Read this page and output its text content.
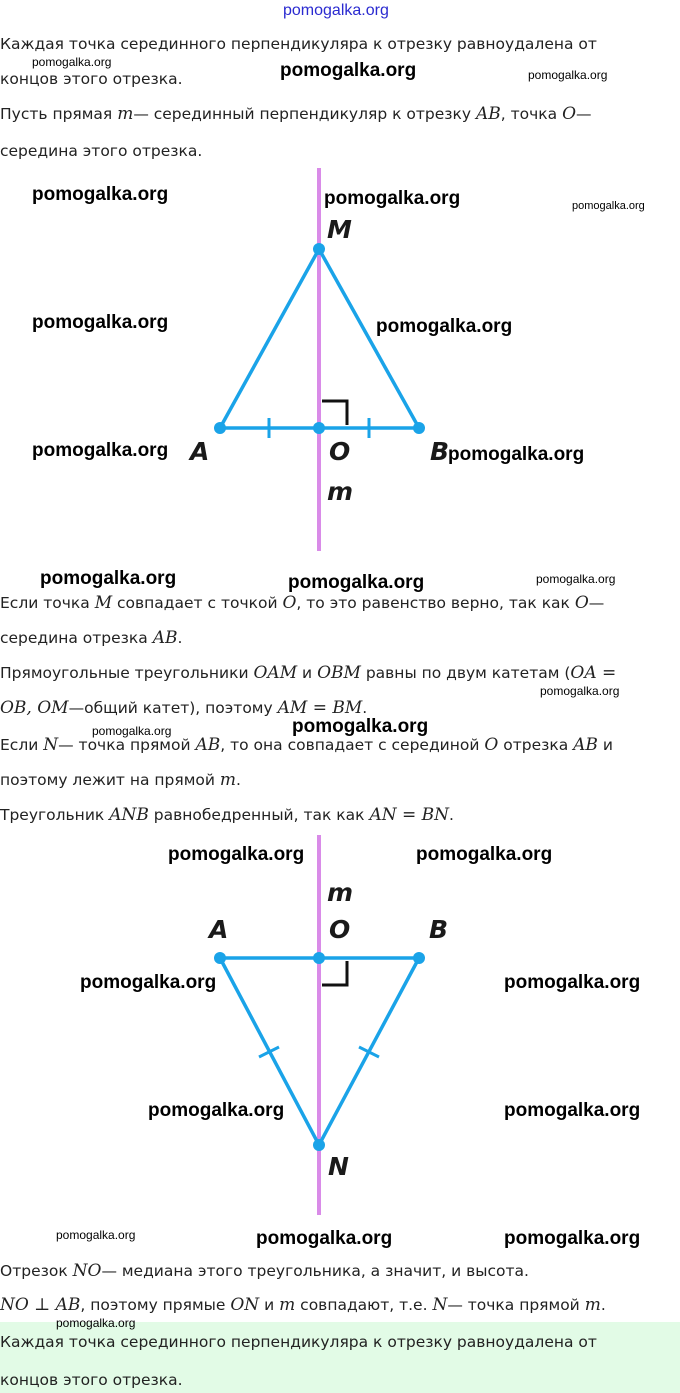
pomogalka.org
Каждая точка серединного перпендикуляра к отрезку равноудалена от
концов этого отрезка.
Пусть прямая m— серединный перпендикуляр к отрезку AB, точка O—
середина этого отрезка.
M
A	O	B
m
Если точка M совпадает с точкой O, то это равенство верно, так как O—
середина отрезка AB.
Прямоугольные треугольники OAM и OBM равны по двум катетам (OA =
OB, OM—общий катет), поэтому AM = BM.
Если N— точка прямой AB, то она совпадает с серединой O отрезка AB и
поэтому лежит на прямой m.
Треугольник ANB равнобедренный, так как AN = BN.
m
A	O	B
N
Отрезок NO— медиана этого треугольника, а значит, и высота.
NO ⊥ AB, поэтому прямые ON и m совпадают, т.е. N— точка прямой m.
Каждая точка серединного перпендикуляра к отрезку равноудалена от
концов этого отрезка.
pomogalka.org	pomogalka.org	pomogalka.org
pomogalka.org	pomogalka.org	pomogalka.org
pomogalka.org	pomogalka.org
pomogalka.org	pomogalka.org
pomogalka.org	pomogalka.org	pomogalka.org
pomogalka.org
pomogalka.org
pomogalka.org
pomogalka.org	pomogalka.org
pomogalka.org	pomogalka.org
pomogalka.org	pomogalka.org
pomogalka.org	pomogalka.org	pomogalka.org
pomogalka.org
